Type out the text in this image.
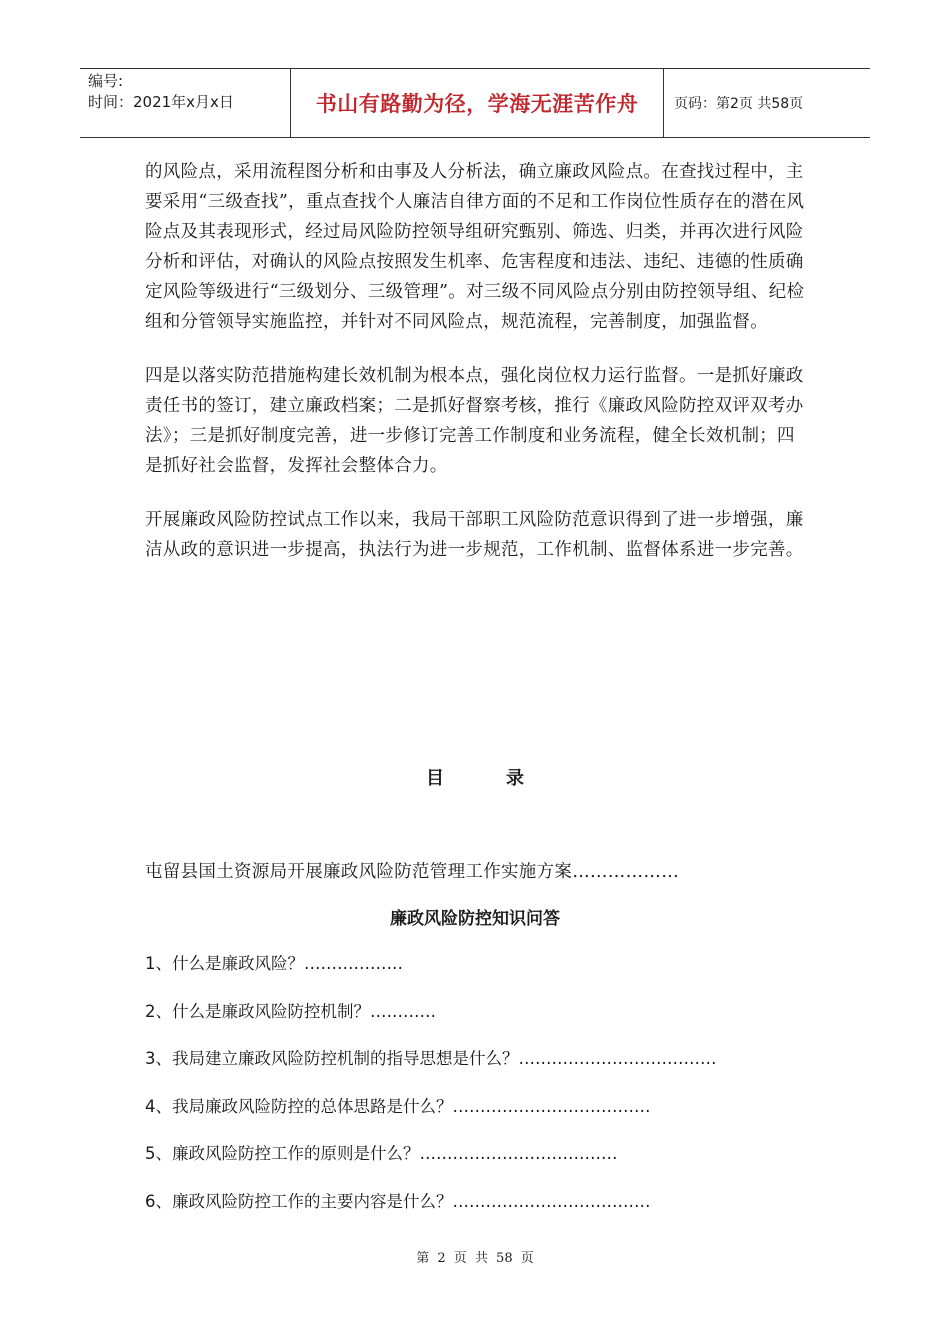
编号:
时间：2021年x月x日	书山有路勤为径，学海无涯苦作舟	页码：第2页 共58页

的风险点，采用流程图分析和由事及人分析法，确立廉政风险点。在查找过程中，主要采用“三级查找”，重点查找个人廉洁自律方面的不足和工作岗位性质存在的潜在风险点及其表现形式，经过局风险防控领导组研究甄别、筛选、归类，并再次进行风险分析和评估，对确认的风险点按照发生机率、危害程度和违法、违纪、违德的性质确定风险等级进行“三级划分、三级管理”。对三级不同风险点分别由防控领导组、纪检组和分管领导实施监控，并针对不同风险点，规范流程，完善制度，加强监督。

四是以落实防范措施构建长效机制为根本点，强化岗位权力运行监督。一是抓好廉政责任书的签订，建立廉政档案；二是抓好督察考核，推行《廉政风险防控双评双考办法》；三是抓好制度完善，进一步修订完善工作制度和业务流程，健全长效机制；四是抓好社会监督，发挥社会整体合力。

开展廉政风险防控试点工作以来，我局干部职工风险防范意识得到了进一步增强，廉洁从政的意识进一步提高，执法行为进一步规范，工作机制、监督体系进一步完善。

目录
屯留县国土资源局开展廉政风险防范管理工作实施方案………………
廉政风险防控知识问答
1、什么是廉政风险？………………
2、什么是廉政风险防控机制？…………
3、我局建立廉政风险防控机制的指导思想是什么？………………………………
4、我局廉政风险防控的总体思路是什么？………………………………
5、廉政风险防控工作的原则是什么？………………………………
6、廉政风险防控工作的主要内容是什么？………………………………
第 2 页 共 58 页
